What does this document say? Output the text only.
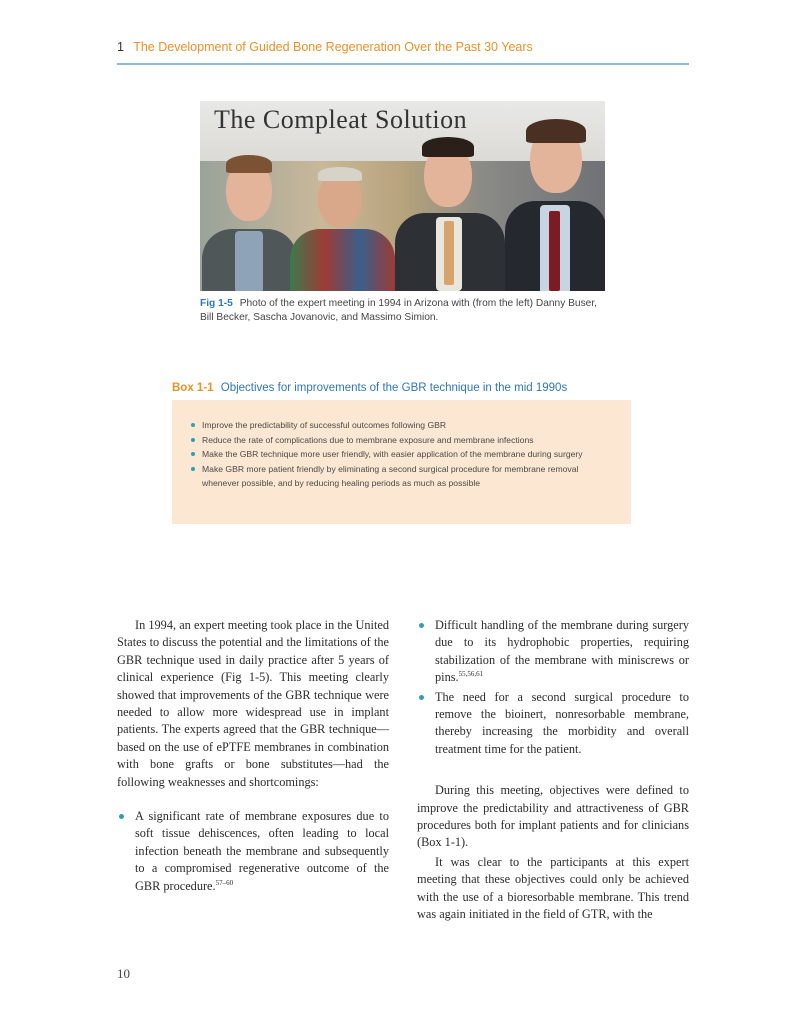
1 The Development of Guided Bone Regeneration Over the Past 30 Years
The Compleat Solution
Fig 1-5 Photo of the expert meeting in 1994 in Arizona with (from the left) Danny Buser, Bill Becker, Sascha Jovanovic, and Massimo Simion.
Box 1-1 Objectives for improvements of the GBR technique in the mid 1990s
Improve the predictability of successful outcomes following GBR
Reduce the rate of complications due to membrane exposure and membrane infections
Make the GBR technique more user friendly, with easier application of the membrane during surgery
Make GBR more patient friendly by eliminating a second surgical procedure for membrane removal whenever possible, and by reducing healing periods as much as possible

In 1994, an expert meeting took place in the United States to discuss the potential and the limitations of the GBR technique used in daily practice after 5 years of clinical experience (Fig 1-5). This meeting clearly showed that improvements of the GBR technique were needed to allow more widespread use in implant patients. The experts agreed that the GBR technique—based on the use of ePTFE membranes in combination with bone grafts or bone substitutes—had the following weaknesses and shortcomings:

A significant rate of membrane exposures due to soft tissue dehiscences, often leading to local infection beneath the membrane and subsequently to a compromised regenerative outcome of the GBR procedure.$^{57-60}$
Difficult handling of the membrane during surgery due to its hydrophobic properties, requiring stabilization of the membrane with miniscrews or pins.$^{55,56,61}$
The need for a second surgical procedure to remove the bioinert, nonresorbable membrane, thereby increasing the morbidity and overall treatment time for the patient.

During this meeting, objectives were defined to improve the predictability and attractiveness of GBR procedures both for implant patients and for clinicians (Box 1-1).

It was clear to the participants at this expert meeting that these objectives could only be achieved with the use of a bioresorbable membrane. This trend was again initiated in the field of GTR, with the

10
